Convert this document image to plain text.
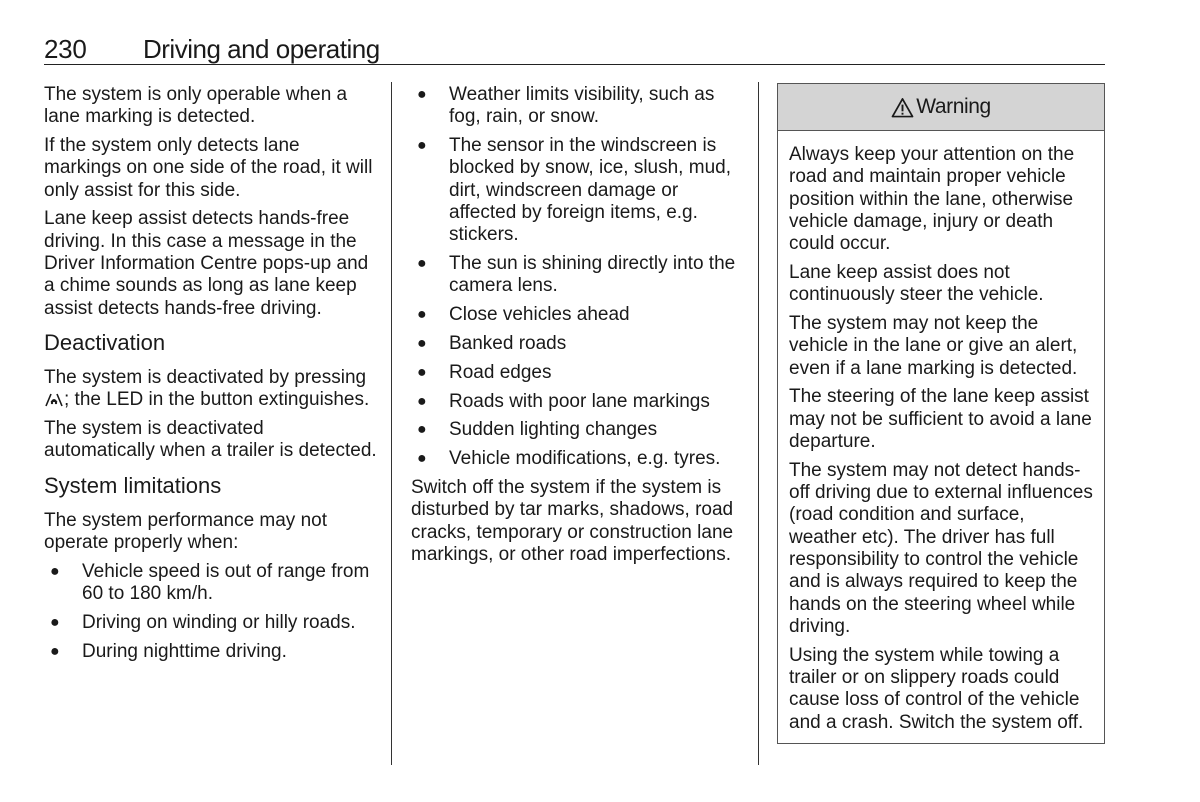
230 Driving and operating

The system is only operable when a lane marking is detected.

If the system only detects lane markings on one side of the road, it will only assist for this side.

Lane keep assist detects hands-free driving. In this case a message in the Driver Information Centre pops-up and a chime sounds as long as lane keep assist detects hands-free driving.

Deactivation

The system is deactivated by pressing ; the LED in the button extinguishes.

The system is deactivated automatically when a trailer is detected.

System limitations

The system performance may not operate properly when:

● Vehicle speed is out of range from 60 to 180 km/h.
● Driving on winding or hilly roads.
● During nighttime driving.
● Weather limits visibility, such as fog, rain, or snow.
● The sensor in the windscreen is blocked by snow, ice, slush, mud, dirt, windscreen damage or affected by foreign items, e.g. stickers.
● The sun is shining directly into the camera lens.
● Close vehicles ahead
● Banked roads
● Road edges
● Roads with poor lane markings
● Sudden lighting changes
● Vehicle modifications, e.g. tyres.

Switch off the system if the system is disturbed by tar marks, shadows, road cracks, temporary or construction lane markings, or other road imperfections.

Warning

Always keep your attention on the road and maintain proper vehicle position within the lane, otherwise vehicle damage, injury or death could occur.

Lane keep assist does not continuously steer the vehicle.

The system may not keep the vehicle in the lane or give an alert, even if a lane marking is detected.

The steering of the lane keep assist may not be sufficient to avoid a lane departure.

The system may not detect hands-off driving due to external influences (road condition and surface, weather etc). The driver has full responsibility to control the vehicle and is always required to keep the hands on the steering wheel while driving.

Using the system while towing a trailer or on slippery roads could cause loss of control of the vehicle and a crash. Switch the system off.
